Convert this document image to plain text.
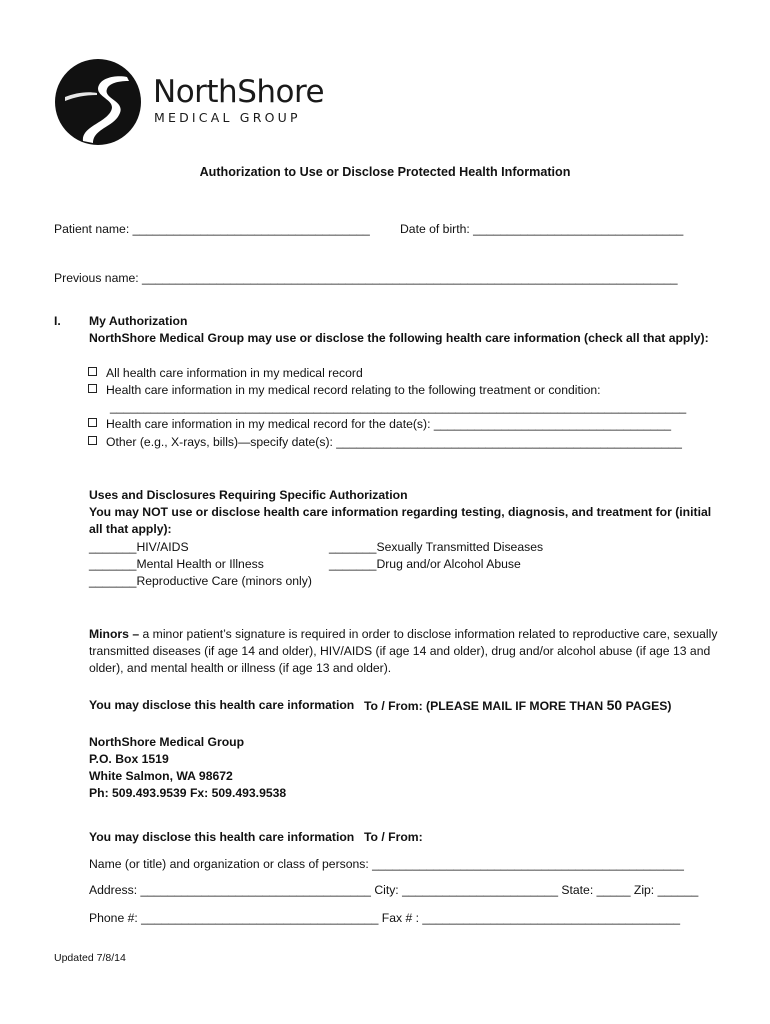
NorthShore
MEDICAL GROUP
Authorization to Use or Disclose Protected Health Information
Patient name: ___________________________________ Date of birth: _______________________________
Previous name: _______________________________________________________________________________
I. My Authorization
NorthShore Medical Group may use or disclose the following health care information (check all that apply):
All health care information in my medical record
Health care information in my medical record relating to the following treatment or condition:
_____________________________________________________________________________________
Health care information in my medical record for the date(s): ___________________________________
Other (e.g., X-rays, bills)—specify date(s): ___________________________________________________
Uses and Disclosures Requiring Specific Authorization
You may NOT use or disclose health care information regarding testing, diagnosis, and treatment for (initial
all that apply):
_______HIV/AIDS
_______Mental Health or Illness
_______Reproductive Care (minors only)
_______Sexually Transmitted Diseases
_______Drug and/or Alcohol Abuse
Minors – a minor patient’s signature is required in order to disclose information related to reproductive care, sexually transmitted diseases (if age 14 and older), HIV/AIDS (if age 14 and older), drug and/or alcohol abuse (if age 13 and older), and mental health or illness (if age 13 and older).
You may disclose this health care information To / From: (PLEASE MAIL IF MORE THAN 50 PAGES)
NorthShore Medical Group
P.O. Box 1519
White Salmon, WA 98672
Ph: 509.493.9539 Fx: 509.493.9538
You may disclose this health care information To / From:
Name (or title) and organization or class of persons: ______________________________________________
Address: __________________________________ City: _______________________ State: _____ Zip: ______
Phone #: ___________________________________ Fax # : ______________________________________
Updated 7/8/14
